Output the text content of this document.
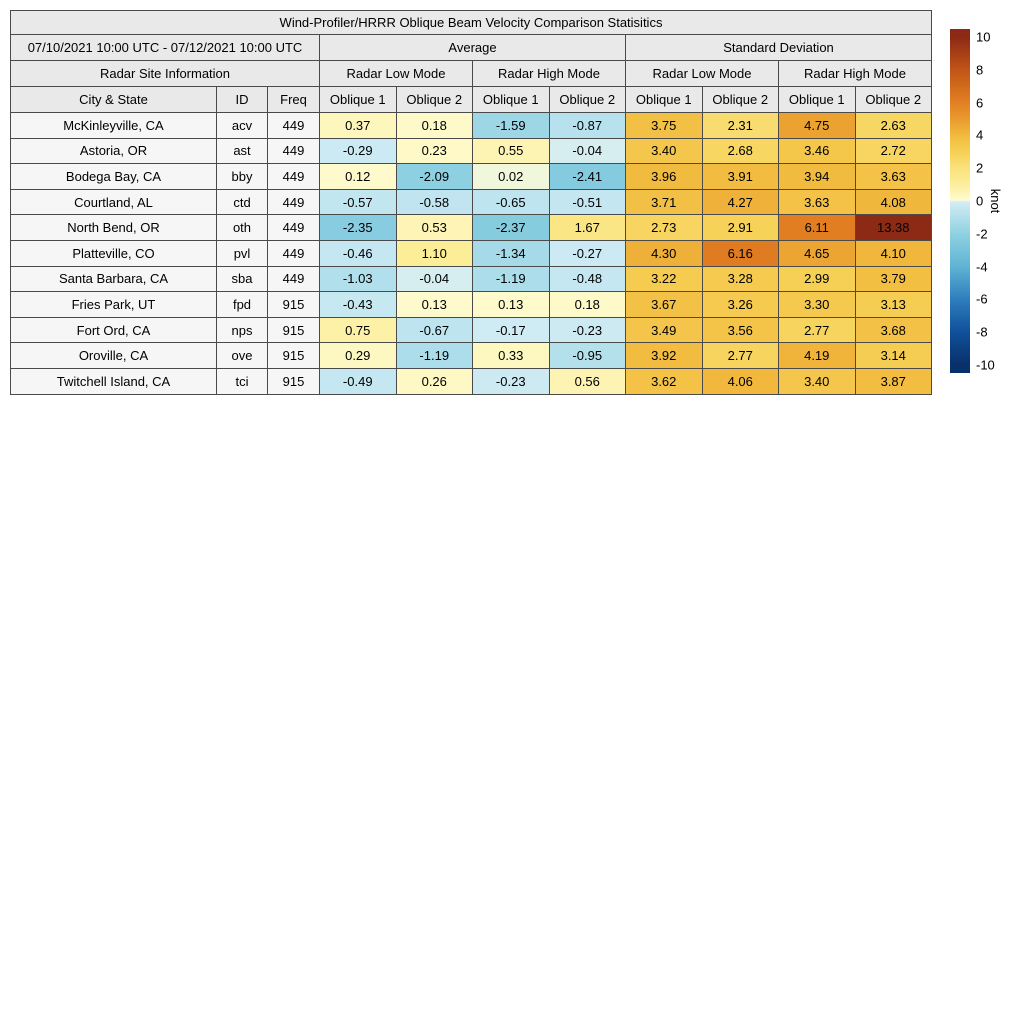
Wind-Profiler/HRRR Oblique Beam Velocity Comparison Statisitics										
07/10/2021 10:00 UTC - 07/12/2021 10:00 UTC			Average				Standard Deviation			
Radar Site Information			Radar Low Mode		Radar High Mode		Radar Low Mode		Radar High Mode	
City & State	ID	Freq	Oblique 1	Oblique 2	Oblique 1	Oblique 2	Oblique 1	Oblique 2	Oblique 1	Oblique 2
McKinleyville, CA	acv	449	0.37	0.18	-1.59	-0.87	3.75	2.31	4.75	2.63
Astoria, OR	ast	449	-0.29	0.23	0.55	-0.04	3.40	2.68	3.46	2.72
Bodega Bay, CA	bby	449	0.12	-2.09	0.02	-2.41	3.96	3.91	3.94	3.63
Courtland, AL	ctd	449	-0.57	-0.58	-0.65	-0.51	3.71	4.27	3.63	4.08
North Bend, OR	oth	449	-2.35	0.53	-2.37	1.67	2.73	2.91	6.11	13.38
Platteville, CO	pvl	449	-0.46	1.10	-1.34	-0.27	4.30	6.16	4.65	4.10
Santa Barbara, CA	sba	449	-1.03	-0.04	-1.19	-0.48	3.22	3.28	2.99	3.79
Fries Park, UT	fpd	915	-0.43	0.13	0.13	0.18	3.67	3.26	3.30	3.13
Fort Ord, CA	nps	915	0.75	-0.67	-0.17	-0.23	3.49	3.56	2.77	3.68
Oroville, CA	ove	915	0.29	-1.19	0.33	-0.95	3.92	2.77	4.19	3.14
Twitchell Island, CA	tci	915	-0.49	0.26	-0.23	0.56	3.62	4.06	3.40	3.87
10
8
6
4
2
0
-2
-4
-6
-8
-10
knot
